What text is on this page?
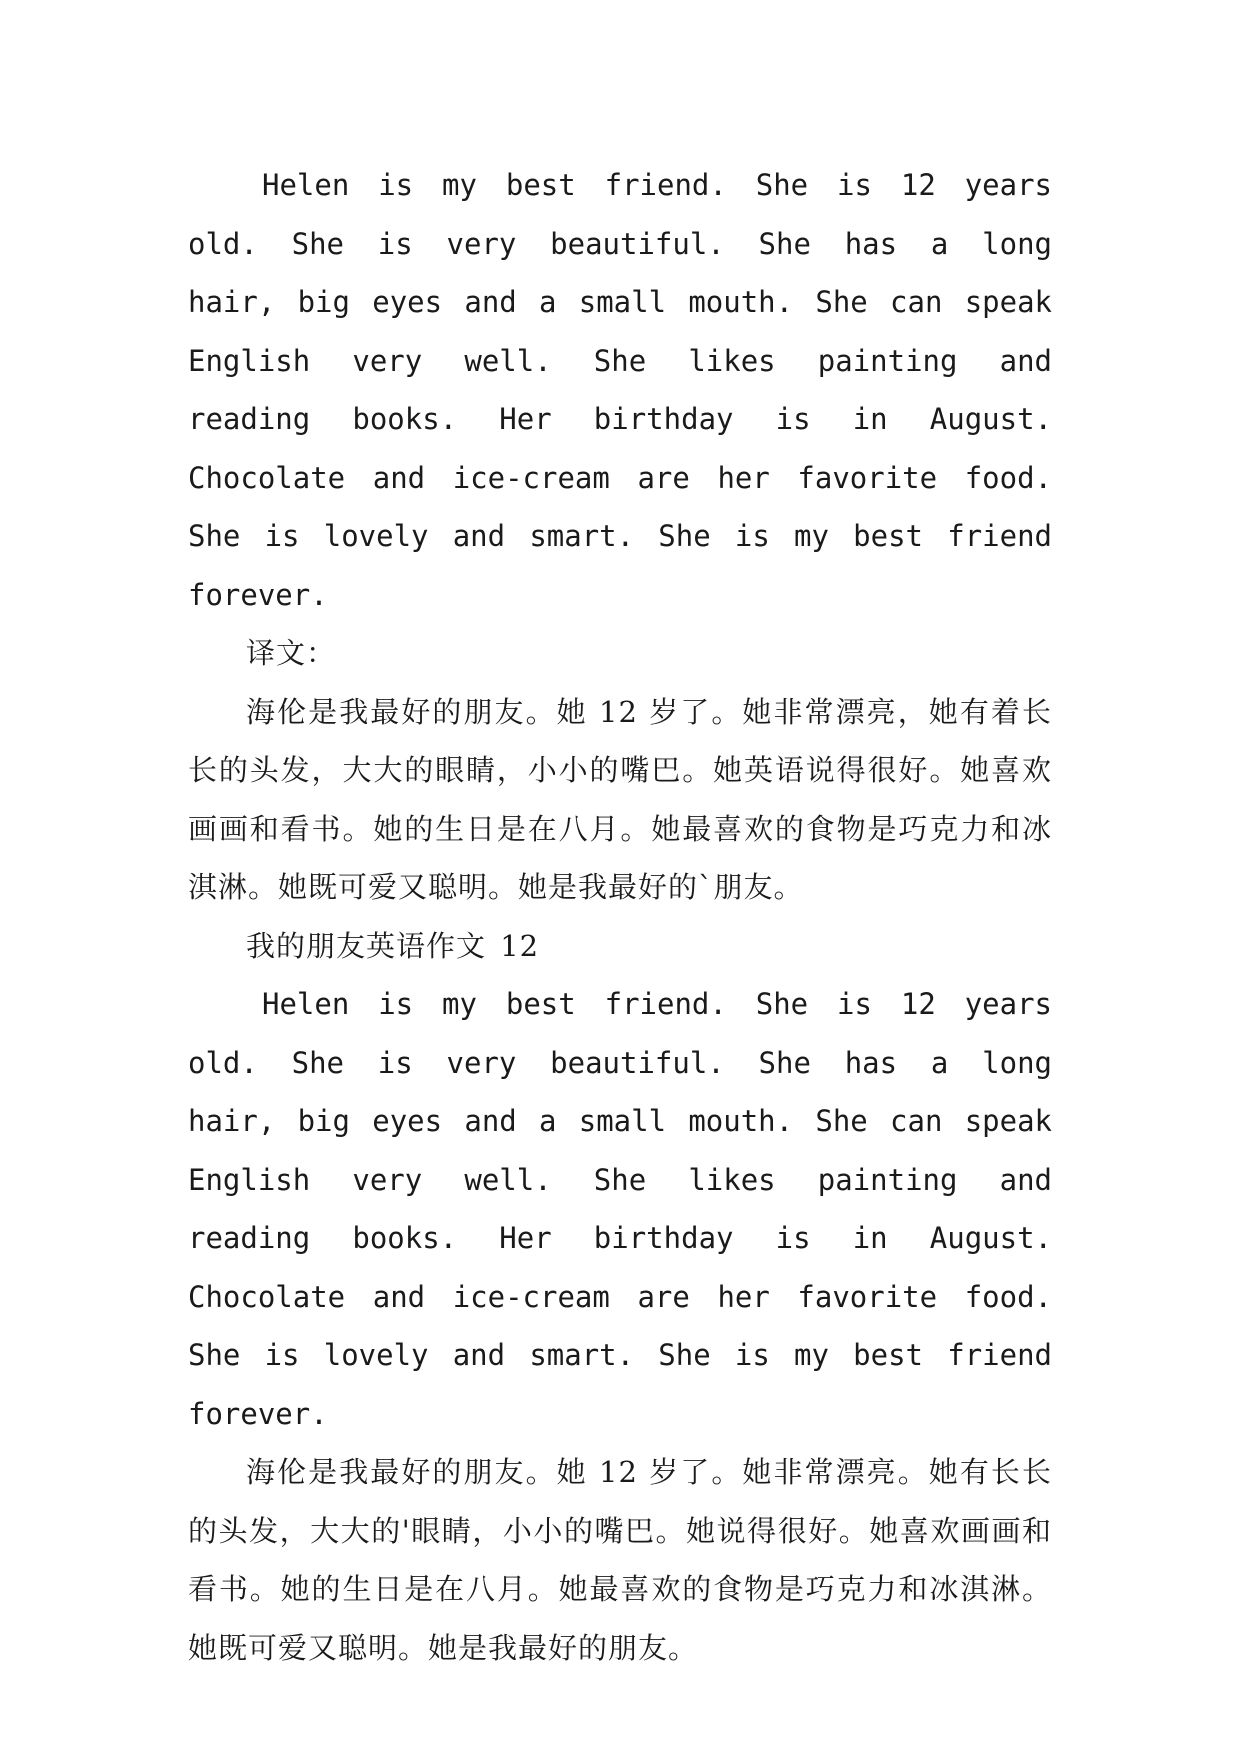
Helen is my best friend. She is 12 years old. She is very beautiful. She has a long hair, big eyes and a small mouth. She can speak English very well. She likes painting and reading books. Her birthday is in August. Chocolate and ice-cream are her favorite food. She is lovely and smart. She is my best friend forever.

译文：

海伦是我最好的朋友。她 12 岁了。她非常漂亮，她有着长长的头发，大大的眼睛，小小的嘴巴。她英语说得很好。她喜欢画画和看书。她的生日是在八月。她最喜欢的食物是巧克力和冰淇淋。她既可爱又聪明。她是我最好的`朋友。

我的朋友英语作文 12

Helen is my best friend. She is 12 years old. She is very beautiful. She has a long hair, big eyes and a small mouth. She can speak English very well. She likes painting and reading books. Her birthday is in August. Chocolate and ice-cream are her favorite food. She is lovely and smart. She is my best friend forever.

海伦是我最好的朋友。她 12 岁了。她非常漂亮。她有长长的头发，大大的'眼睛，小小的嘴巴。她说得很好。她喜欢画画和看书。她的生日是在八月。她最喜欢的食物是巧克力和冰淇淋。她既可爱又聪明。她是我最好的朋友。
